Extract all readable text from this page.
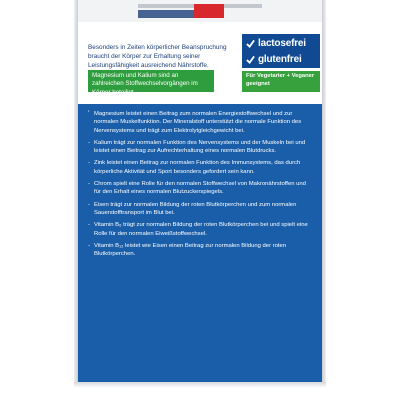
Besonders in Zeiten körperlicher Beanspruchung braucht der Körper zur Erhaltung seiner Leistungsfähigkeit ausreichend Nährstoffe.
Magnesium und Kalium sind an zahlreichen Stoffwechselvorgängen im Körper beteiligt.
lactosefrei
glutenfrei
Für Vegetarier + Veganer geeignet
¹ Magnesium leistet einen Beitrag zum normalen Energiestoffwechsel und zur normalen Muskelfunktion. Der Mineralstoff unterstützt die normale Funktion des Nervensystems und trägt zum Elektrolytgleichgewicht bei.
- Kalium trägt zur normalen Funktion des Nervensystems und der Muskeln bei und leistet einen Beitrag zur Aufrechterhaltung eines normalen Blutdrucks.
- Zink leistet einen Beitrag zur normalen Funktion des Immunsystems, das durch körperliche Aktivität und Sport besonders gefordert sein kann.
- Chrom spielt eine Rolle für den normalen Stoffwechsel von Makronährstoffen und für den Erhalt eines normalen Blutzuckerspiegels.
- Eisen trägt zur normalen Bildung der roten Blutkörperchen und zum normalen Sauerstofftransport im Blut bei.
- Vitamin B₆ trägt zur normalen Bildung der roten Blutkörperchen bei und spielt eine Rolle für den normalen Eiweißstoffwechsel.
- Vitamin B₁₂ leistet wie Eisen einen Beitrag zur normalen Bildung der roten Blutkörperchen.
